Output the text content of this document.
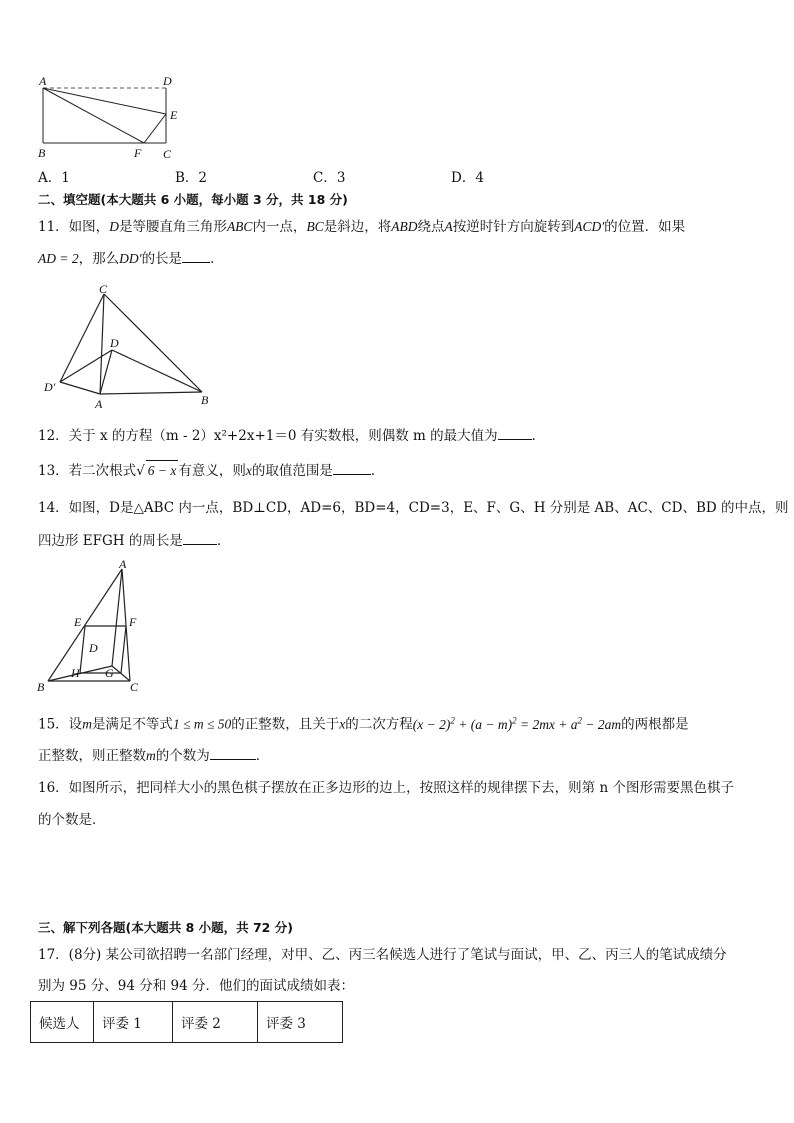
A	D
E
B	F C
A．1	B．2	C．3	D．4
二、填空题(本大题共 6 小题，每小题 3 分，共 18 分)
11．如图，D是等腰直角三角形ABC内一点，BC是斜边，将ABD绕点A按逆时针方向旋转到ACD′的位置．如果
AD = 2，那么DD′的长是 ．
C
D
D′
A	B
12．关于 x 的方程（m - 2）x²+2x+1＝0 有实数根，则偶数 m 的最大值为	．
13．若二次根式√ 6 − x 有意义，则x的取值范围是	．
14．如图，D是△ABC 内一点，BD⊥CD，AD=6，BD=4，CD=3，E、F、G、H 分别是 AB、AC、CD、BD 的中点，则
四边形 EFGH 的周长是	．
A
E	F
D
B
H G
C
15．设m是满足不等式1 ≤ m ≤ 50的正整数，且关于x的二次方程$(x - 2)^2 + (a - m)^2 = 2mx + a^2 - 2am$的两根都是
正整数，则正整数m的个数为	．
16．如图所示，把同样大小的黑色棋子摆放在正多边形的边上，按照这样的规律摆下去，则第 n 个图形需要黑色棋子
的个数是．
三、解下列各题(本大题共 8 小题，共 72 分)
17．(8分) 某公司欲招聘一名部门经理，对甲、乙、丙三名候选人进行了笔试与面试，甲、乙、丙三人的笔试成绩分
别为 95 分、94 分和 94 分．他们的面试成绩如表：
候选人	评委 1	评委 2	评委 3
